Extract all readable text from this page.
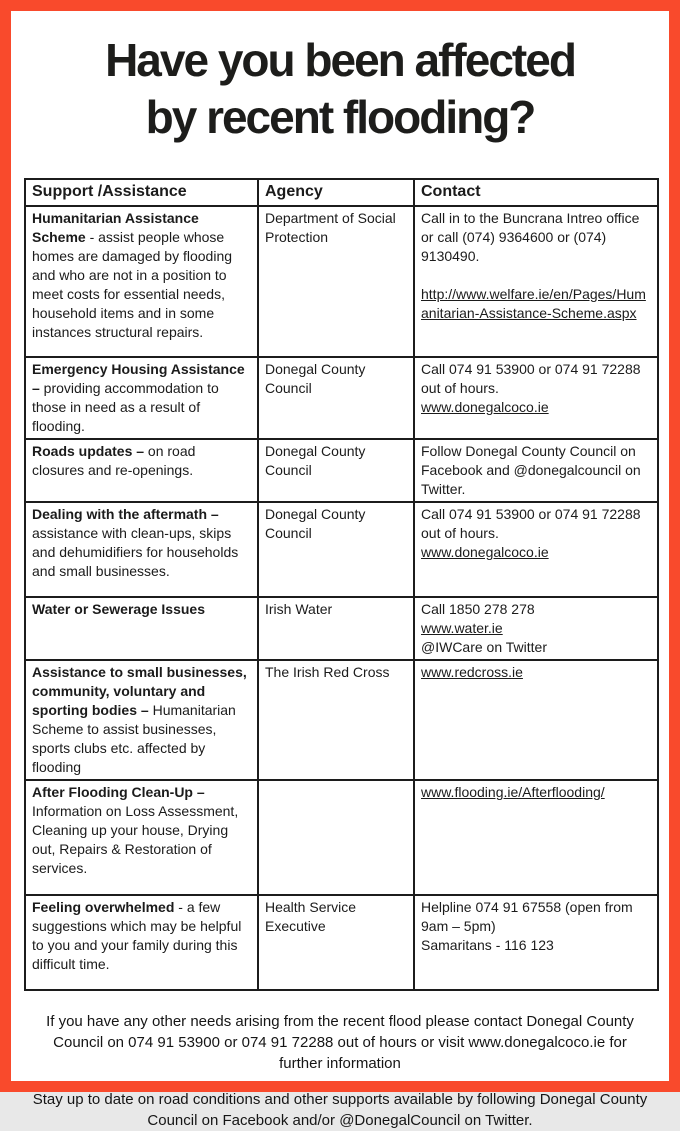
Have you been affected
by recent flooding?
Support /Assistance	Agency	Contact
Humanitarian Assistance Scheme - assist people whose homes are damaged by flooding and who are not in a position to meet costs for essential needs, household items and in some instances structural repairs.	Department of Social Protection	Call in to the Buncrana Intreo office or call (074) 9364600 or (074) 9130490.
http://www.welfare.ie/en/Pages/Humanitarian-Assistance-Scheme.aspx

Emergency Housing Assistance – providing accommodation to those in need as a result of flooding.	Donegal County Council	Call 074 91 53900 or 074 91 72288 out of hours.
www.donegalcoco.ie

Roads updates – on road closures and re-openings.	Donegal County Council	Follow Donegal County Council on Facebook and @donegalcouncil on Twitter.

Dealing with the aftermath – assistance with clean-ups, skips and dehumidifiers for households and small businesses.	Donegal County Council	Call 074 91 53900 or 074 91 72288 out of hours.
www.donegalcoco.ie

Water or Sewerage Issues	Irish Water	Call 1850 278 278
www.water.ie
@IWCare on Twitter

Assistance to small businesses, community, voluntary and sporting bodies – Humanitarian Scheme to assist businesses, sports clubs etc. affected by flooding	The Irish Red Cross	www.redcross.ie

After Flooding Clean-Up – Information on Loss Assessment, Cleaning up your house, Drying out, Repairs & Restoration of services.		www.flooding.ie/Afterflooding/

Feeling overwhelmed - a few suggestions which may be helpful to you and your family during this difficult time.	Health Service Executive	Helpline 074 91 67558 (open from 9am – 5pm)
Samaritans - 116 123

If you have any other needs arising from the recent flood please contact Donegal County Council on 074 91 53900 or 074 91 72288 out of hours or visit www.donegalcoco.ie for further information

Stay up to date on road conditions and other supports available by following Donegal County Council on Facebook and/or @DonegalCouncil on Twitter.
